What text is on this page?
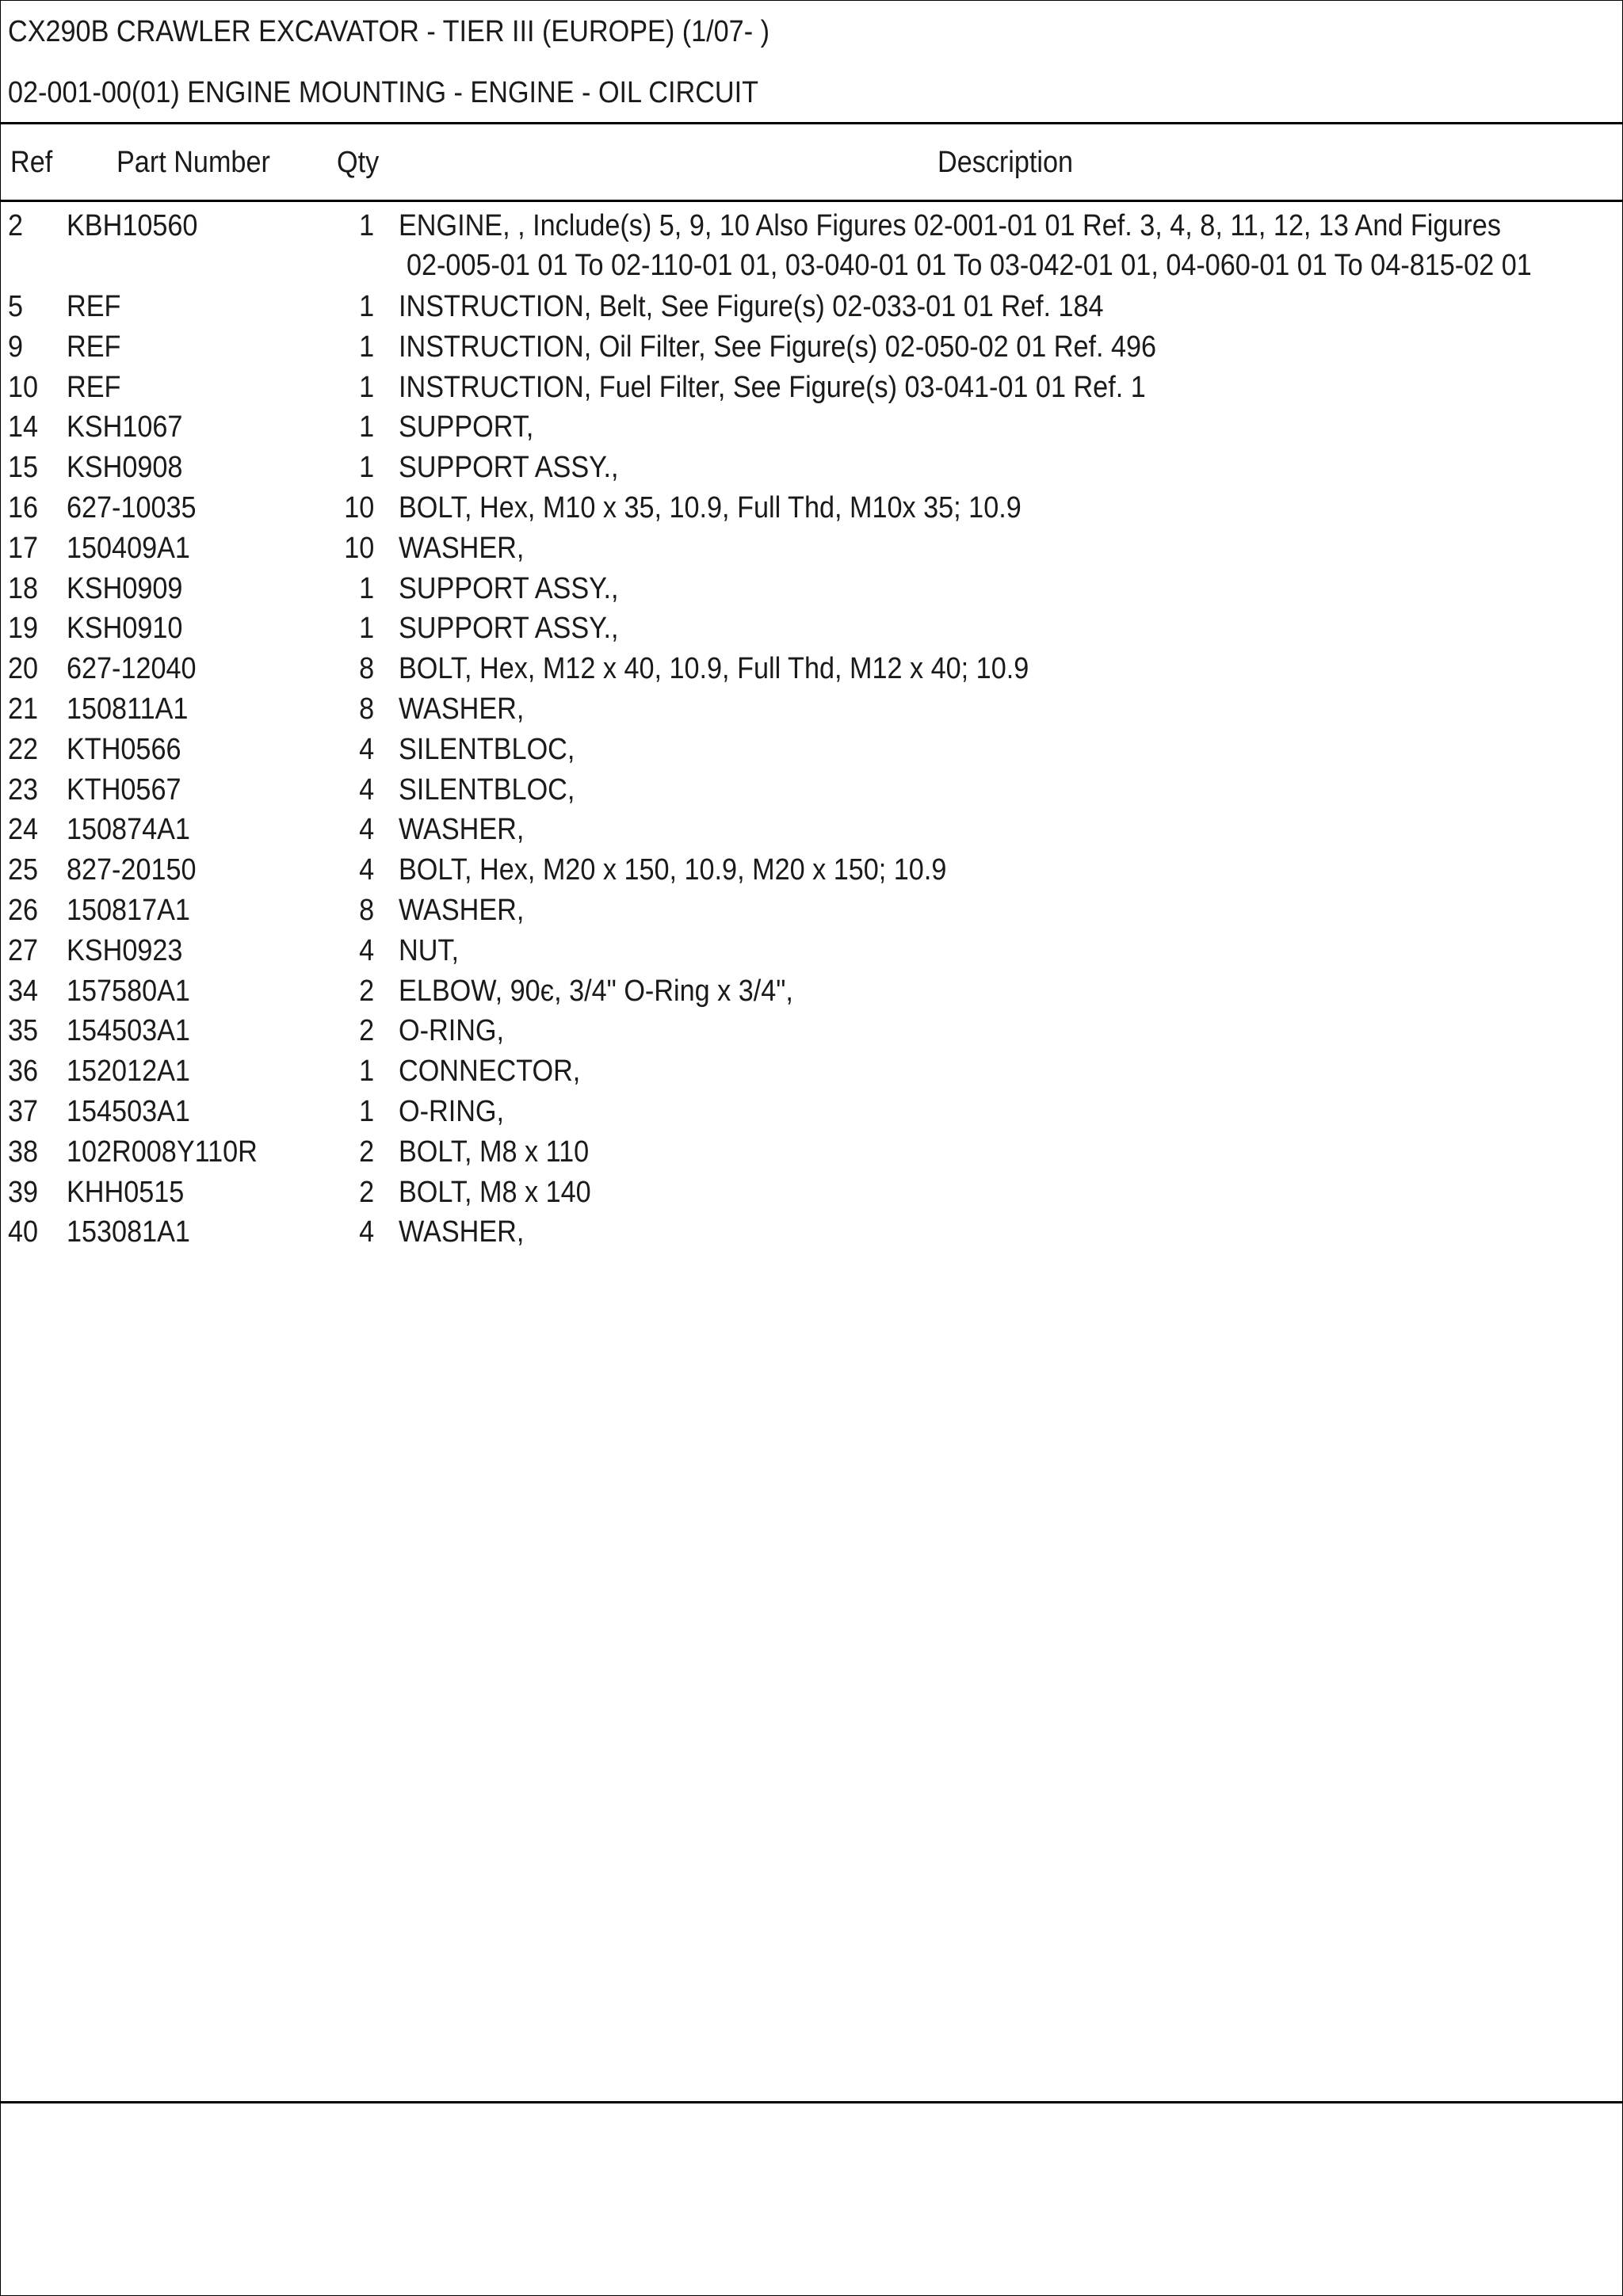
CX290B CRAWLER EXCAVATOR - TIER III (EUROPE) (1/07- )
02-001-00(01) ENGINE MOUNTING - ENGINE - OIL CIRCUIT
Ref Part Number Qty	Description
2 KBH10560	1 ENGINE, , Include(s) 5, 9, 10 Also Figures 02-001-01 01 Ref. 3, 4, 8, 11, 12, 13 And Figures
02-005-01 01 To 02-110-01 01, 03-040-01 01 To 03-042-01 01, 04-060-01 01 To 04-815-02 01
5 REF	1 INSTRUCTION, Belt, See Figure(s) 02-033-01 01 Ref. 184
9 REF	1 INSTRUCTION, Oil Filter, See Figure(s) 02-050-02 01 Ref. 496
10 REF	1 INSTRUCTION, Fuel Filter, See Figure(s) 03-041-01 01 Ref. 1
14 KSH1067	1 SUPPORT,
15 KSH0908	1 SUPPORT ASSY.,
16 627-10035	10 BOLT, Hex, M10 x 35, 10.9, Full Thd, M10x 35; 10.9
17 150409A1	10 WASHER,
18 KSH0909	1 SUPPORT ASSY.,
19 KSH0910	1 SUPPORT ASSY.,
20 627-12040	8 BOLT, Hex, M12 x 40, 10.9, Full Thd, M12 x 40; 10.9
21 150811A1	8 WASHER,
22 KTH0566	4 SILENTBLOC,
23 KTH0567	4 SILENTBLOC,
24 150874A1	4 WASHER,
25 827-20150	4 BOLT, Hex, M20 x 150, 10.9, M20 x 150; 10.9
26 150817A1	8 WASHER,
27 KSH0923	4 NUT,
34 157580A1	2 ELBOW, 90є, 3/4" O-Ring x 3/4",
35 154503A1	2 O-RING,
36 152012A1	1 CONNECTOR,
37 154503A1	1 O-RING,
38 102R008Y110R	2 BOLT, M8 x 110
39 KHH0515	2 BOLT, M8 x 140
40 153081A1	4 WASHER,
